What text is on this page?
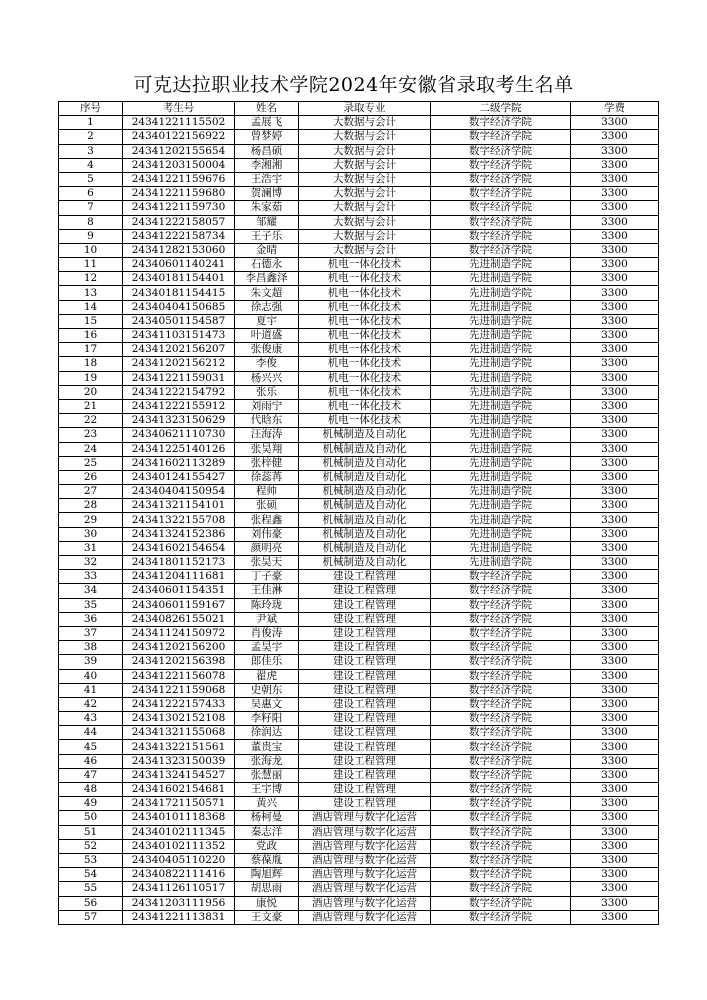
可克达拉职业技术学院2024年安徽省录取考生名单
序号	考生号	姓名	录取专业	二级学院	学费
1	24341221115502	孟展飞	大数据与会计	数字经济学院	3300
2	24340122156922	曾梦婷	大数据与会计	数字经济学院	3300
3	24341202155654	杨昌硕	大数据与会计	数字经济学院	3300
4	24341203150004	李湘湘	大数据与会计	数字经济学院	3300
5	24341221159676	王浩宇	大数据与会计	数字经济学院	3300
6	24341221159680	贺澜博	大数据与会计	数字经济学院	3300
7	24341221159730	朱家茹	大数据与会计	数字经济学院	3300
8	24341222158057	邹耀	大数据与会计	数字经济学院	3300
9	24341222158734	王子乐	大数据与会计	数字经济学院	3300
10	24341282153060	金晴	大数据与会计	数字经济学院	3300
11	24340601140241	石德永	机电一体化技术	先进制造学院	3300
12	24340181154401	李昌鑫泽	机电一体化技术	先进制造学院	3300
13	24340181154415	朱文超	机电一体化技术	先进制造学院	3300
14	24340404150685	徐志强	机电一体化技术	先进制造学院	3300
15	24340501154587	夏宇	机电一体化技术	先进制造学院	3300
16	24341103151473	叶道盛	机电一体化技术	先进制造学院	3300
17	24341202156207	张俊康	机电一体化技术	先进制造学院	3300
18	24341202156212	李俊	机电一体化技术	先进制造学院	3300
19	24341221159031	杨兴兴	机电一体化技术	先进制造学院	3300
20	24341222154792	张乐	机电一体化技术	先进制造学院	3300
21	24341222155912	刘雨宁	机电一体化技术	先进制造学院	3300
22	24341323150629	代晗东	机电一体化技术	先进制造学院	3300
23	24340621110730	汪海涛	机械制造及自动化	先进制造学院	3300
24	24341225140126	张昊翔	机械制造及自动化	先进制造学院	3300
25	24341602113289	张梓健	机械制造及自动化	先进制造学院	3300
26	24340124155427	徐蕊苒	机械制造及自动化	先进制造学院	3300
27	24340404150954	程帅	机械制造及自动化	先进制造学院	3300
28	24341321154101	张硕	机械制造及自动化	先进制造学院	3300
29	24341322155708	张程鑫	机械制造及自动化	先进制造学院	3300
30	24341324152386	刘伟豪	机械制造及自动化	先进制造学院	3300
31	24341602154654	颜明亮	机械制造及自动化	先进制造学院	3300
32	24341801152173	张昊天	机械制造及自动化	先进制造学院	3300
33	24341204111681	丁子豪	建设工程管理	数字经济学院	3300
34	24340601154351	王佳淋	建设工程管理	数字经济学院	3300
35	24340601159167	陈玲珑	建设工程管理	数字经济学院	3300
36	24340826155021	尹斌	建设工程管理	数字经济学院	3300
37	24341124150972	肖俊涛	建设工程管理	数字经济学院	3300
38	24341202156200	孟昊宇	建设工程管理	数字经济学院	3300
39	24341202156398	郎佳乐	建设工程管理	数字经济学院	3300
40	24341221156078	翟虎	建设工程管理	数字经济学院	3300
41	24341221159068	史朝东	建设工程管理	数字经济学院	3300
42	24341222157433	吴惠文	建设工程管理	数字经济学院	3300
43	24341302152108	李籽阳	建设工程管理	数字经济学院	3300
44	24341321155068	徐润达	建设工程管理	数字经济学院	3300
45	24341322151561	董贵宝	建设工程管理	数字经济学院	3300
46	24341323150039	张海龙	建设工程管理	数字经济学院	3300
47	24341324154527	张慧丽	建设工程管理	数字经济学院	3300
48	24341602154681	王宇博	建设工程管理	数字经济学院	3300
49	24341721150571	黄兴	建设工程管理	数字经济学院	3300
50	24340101118368	杨柯曼	酒店管理与数字化运营	数字经济学院	3300
51	24340102111345	秦志洋	酒店管理与数字化运营	数字经济学院	3300
52	24340102111352	党政	酒店管理与数字化运营	数字经济学院	3300
53	24340405110220	蔡葆胤	酒店管理与数字化运营	数字经济学院	3300
54	24340822111416	陶旭辉	酒店管理与数字化运营	数字经济学院	3300
55	24341126110517	胡思雨	酒店管理与数字化运营	数字经济学院	3300
56	24341203111956	康悦	酒店管理与数字化运营	数字经济学院	3300
57	24341221113831	王文豪	酒店管理与数字化运营	数字经济学院	3300
